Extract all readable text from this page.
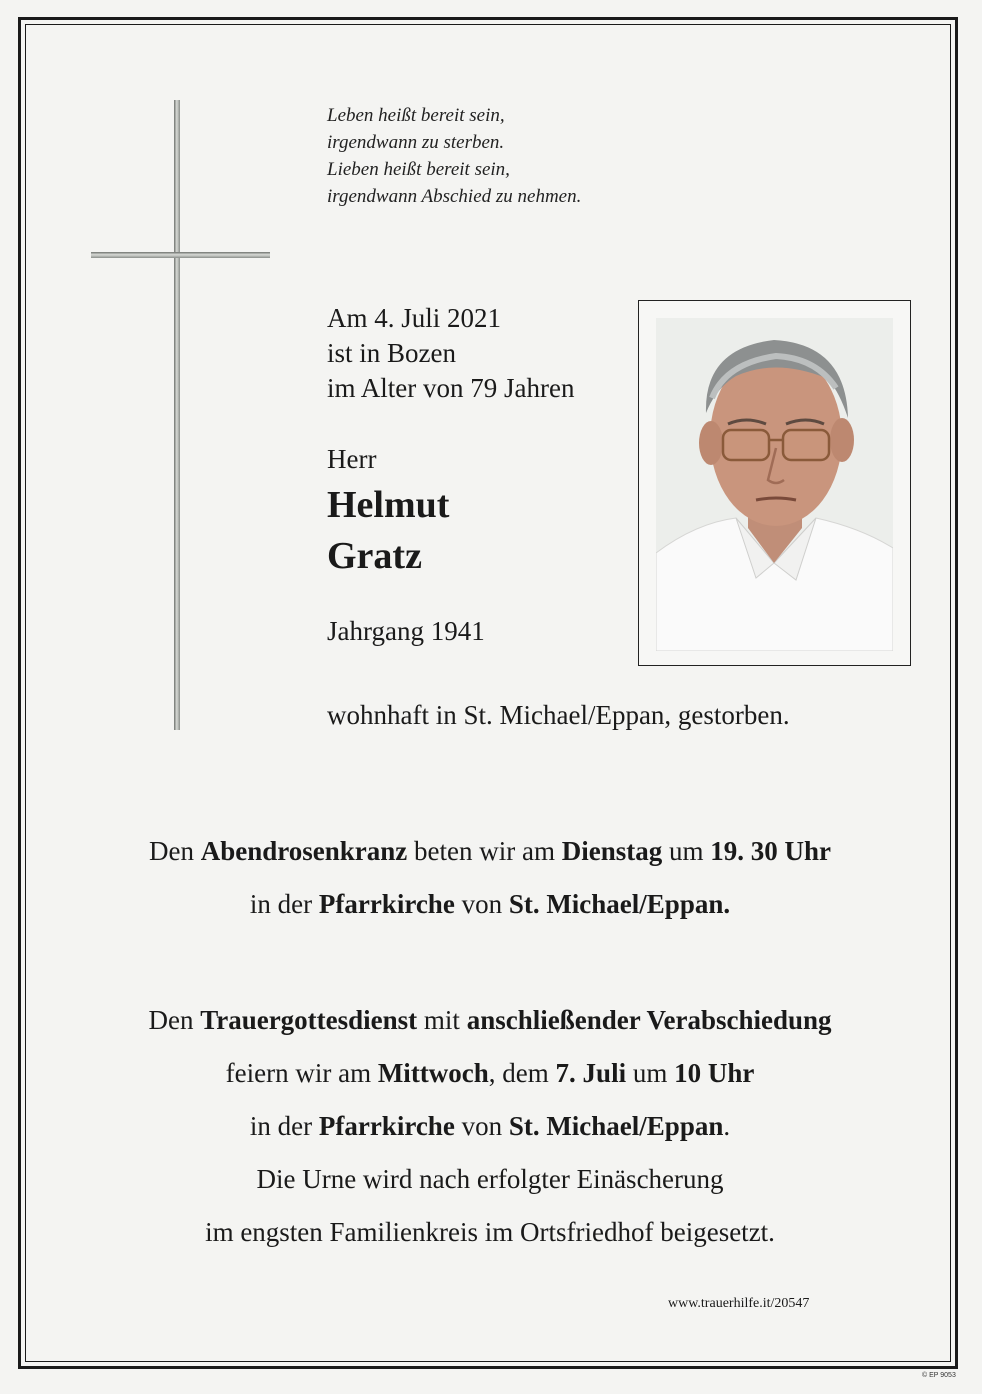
Leben heißt bereit sein,
irgendwann zu sterben.
Lieben heißt bereit sein,
irgendwann Abschied zu nehmen.
Am 4. Juli 2021
ist in Bozen
im Alter von 79 Jahren
Herr
Helmut
Gratz
Jahrgang 1941
wohnhaft in St. Michael/Eppan, gestorben.
Den Abendrosenkranz beten wir am Dienstag um 19. 30 Uhr
in der Pfarrkirche von St. Michael/Eppan.
Den Trauergottesdienst mit anschließender Verabschiedung
feiern wir am Mittwoch, dem 7. Juli um 10 Uhr
in der Pfarrkirche von St. Michael/Eppan.
Die Urne wird nach erfolgter Einäscherung
im engsten Familienkreis im Ortsfriedhof beigesetzt.
www.trauerhilfe.it/20547
© EP 9053
